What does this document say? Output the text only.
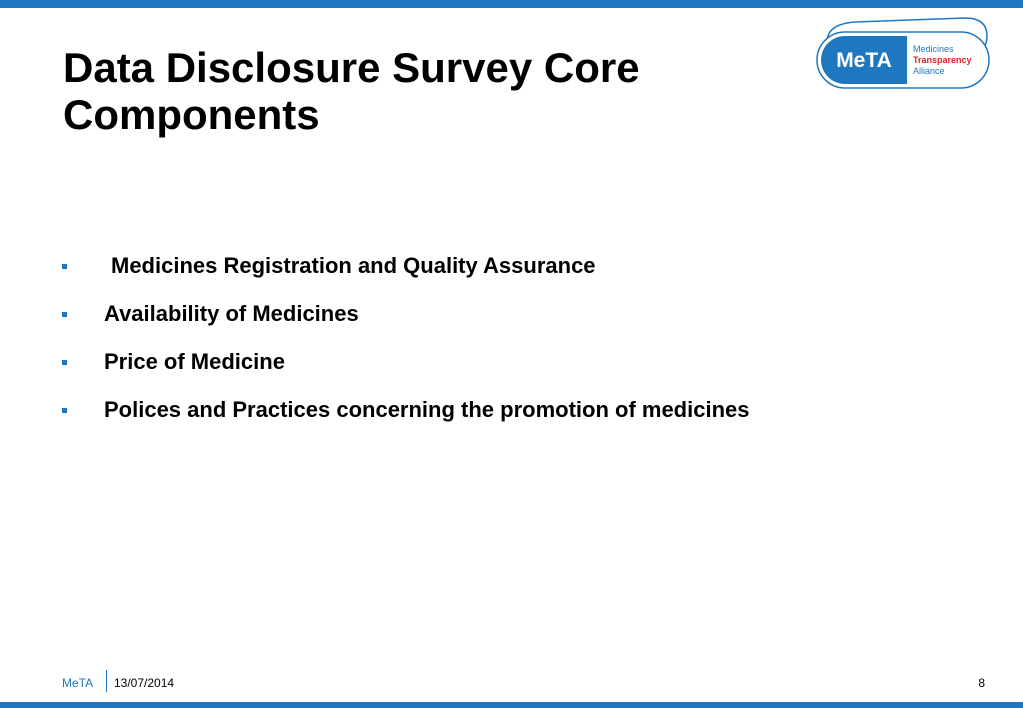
Data Disclosure Survey Core Components
MeTA Medicines
Transparency
Alliance
Medicines Registration and Quality Assurance
Availability of Medicines
Price of Medicine
Polices and Practices concerning the promotion of medicines
MeTA 13/07/2014	8
